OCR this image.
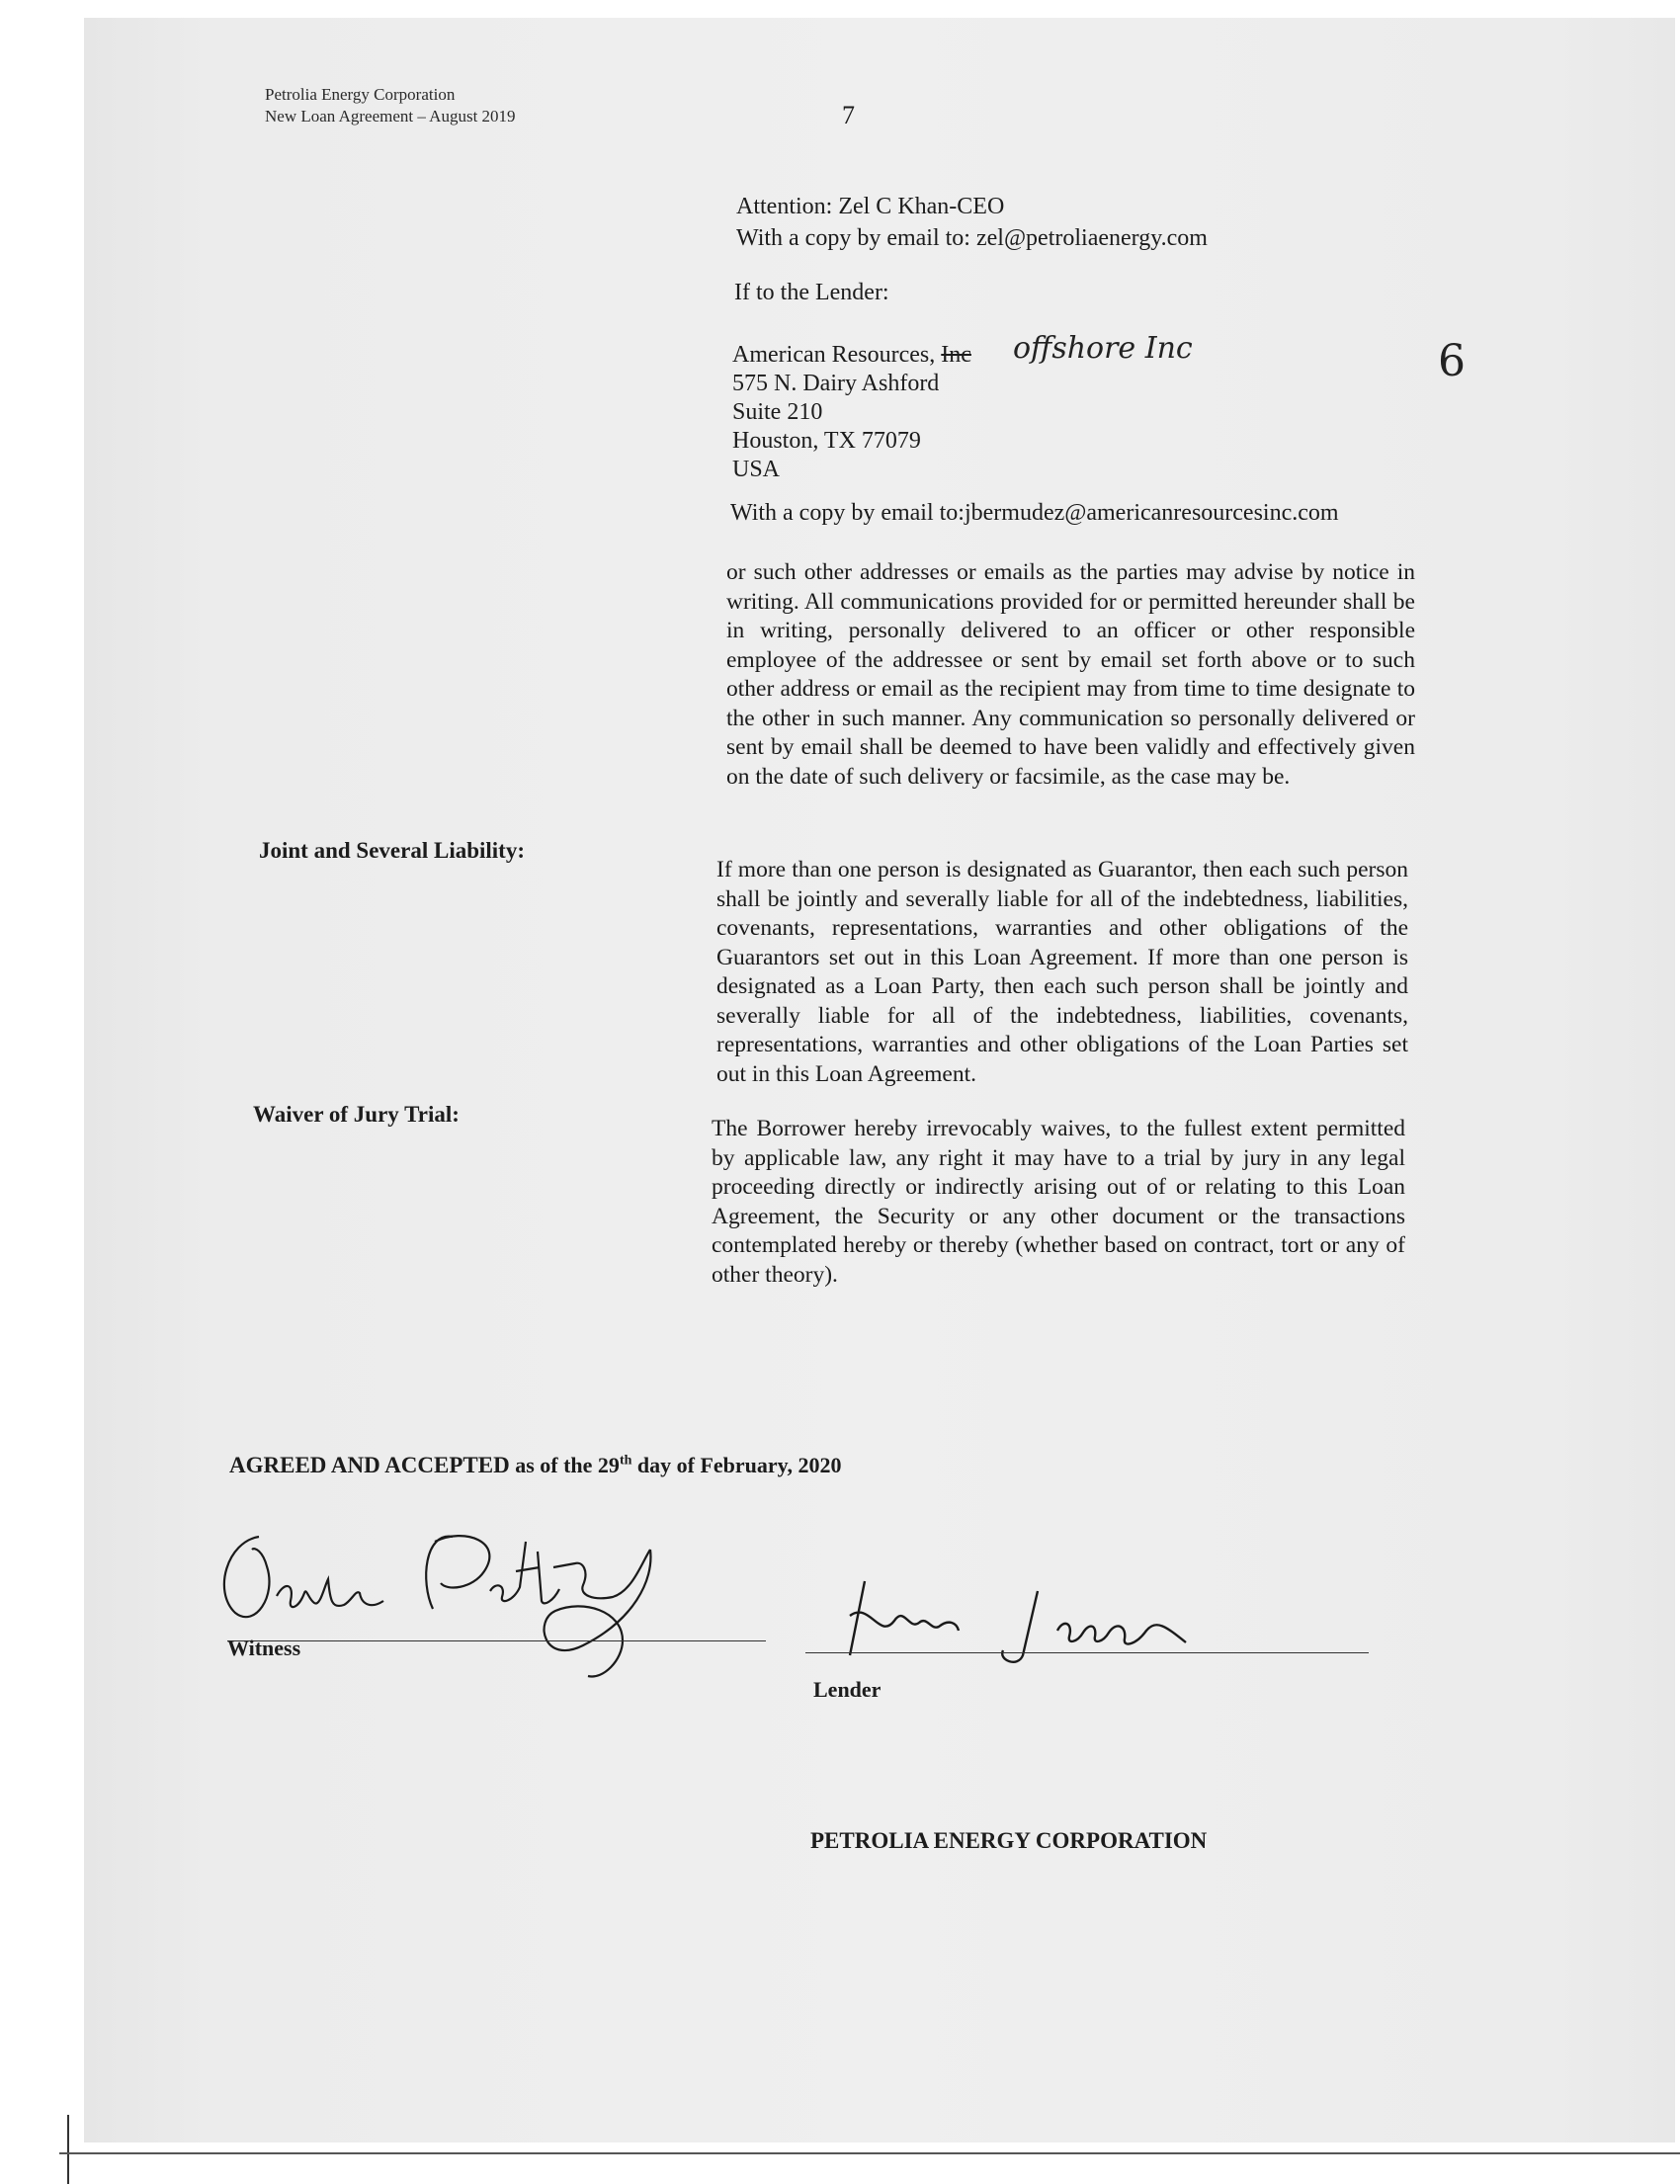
Petrolia Energy Corporation
New Loan Agreement – August 2019	7
Attention: Zel C Khan-CEO
With a copy by email to: zel@petroliaenergy.com
If to the Lender:
American Resources, Inc offshore Inc	6
575 N. Dairy Ashford
Suite 210
Houston, TX 77079
USA
With a copy by email to:jbermudez@americanresourcesinc.com
or such other addresses or emails as the parties may advise by notice in writing. All communications provided for or permitted hereunder shall be in writing, personally delivered to an officer or other responsible employee of the addressee or sent by email set forth above or to such other address or email as the recipient may from time to time designate to the other in such manner. Any communication so personally delivered or sent by email shall be deemed to have been validly and effectively given on the date of such delivery or facsimile, as the case may be.
Joint and Several Liability:
If more than one person is designated as Guarantor, then each such person shall be jointly and severally liable for all of the indebtedness, liabilities, covenants, representations, warranties and other obligations of the Guarantors set out in this Loan Agreement. If more than one person is designated as a Loan Party, then each such person shall be jointly and severally liable for all of the indebtedness, liabilities, covenants, representations, warranties and other obligations of the Loan Parties set out in this Loan Agreement.
Waiver of Jury Trial:
The Borrower hereby irrevocably waives, to the fullest extent permitted by applicable law, any right it may have to a trial by jury in any legal proceeding directly or indirectly arising out of or relating to this Loan Agreement, the Security or any other document or the transactions contemplated hereby or thereby (whether based on contract, tort or any of other theory).
AGREED AND ACCEPTED as of the 29th day of February, 2020
Witness
Lender
PETROLIA ENERGY CORPORATION
